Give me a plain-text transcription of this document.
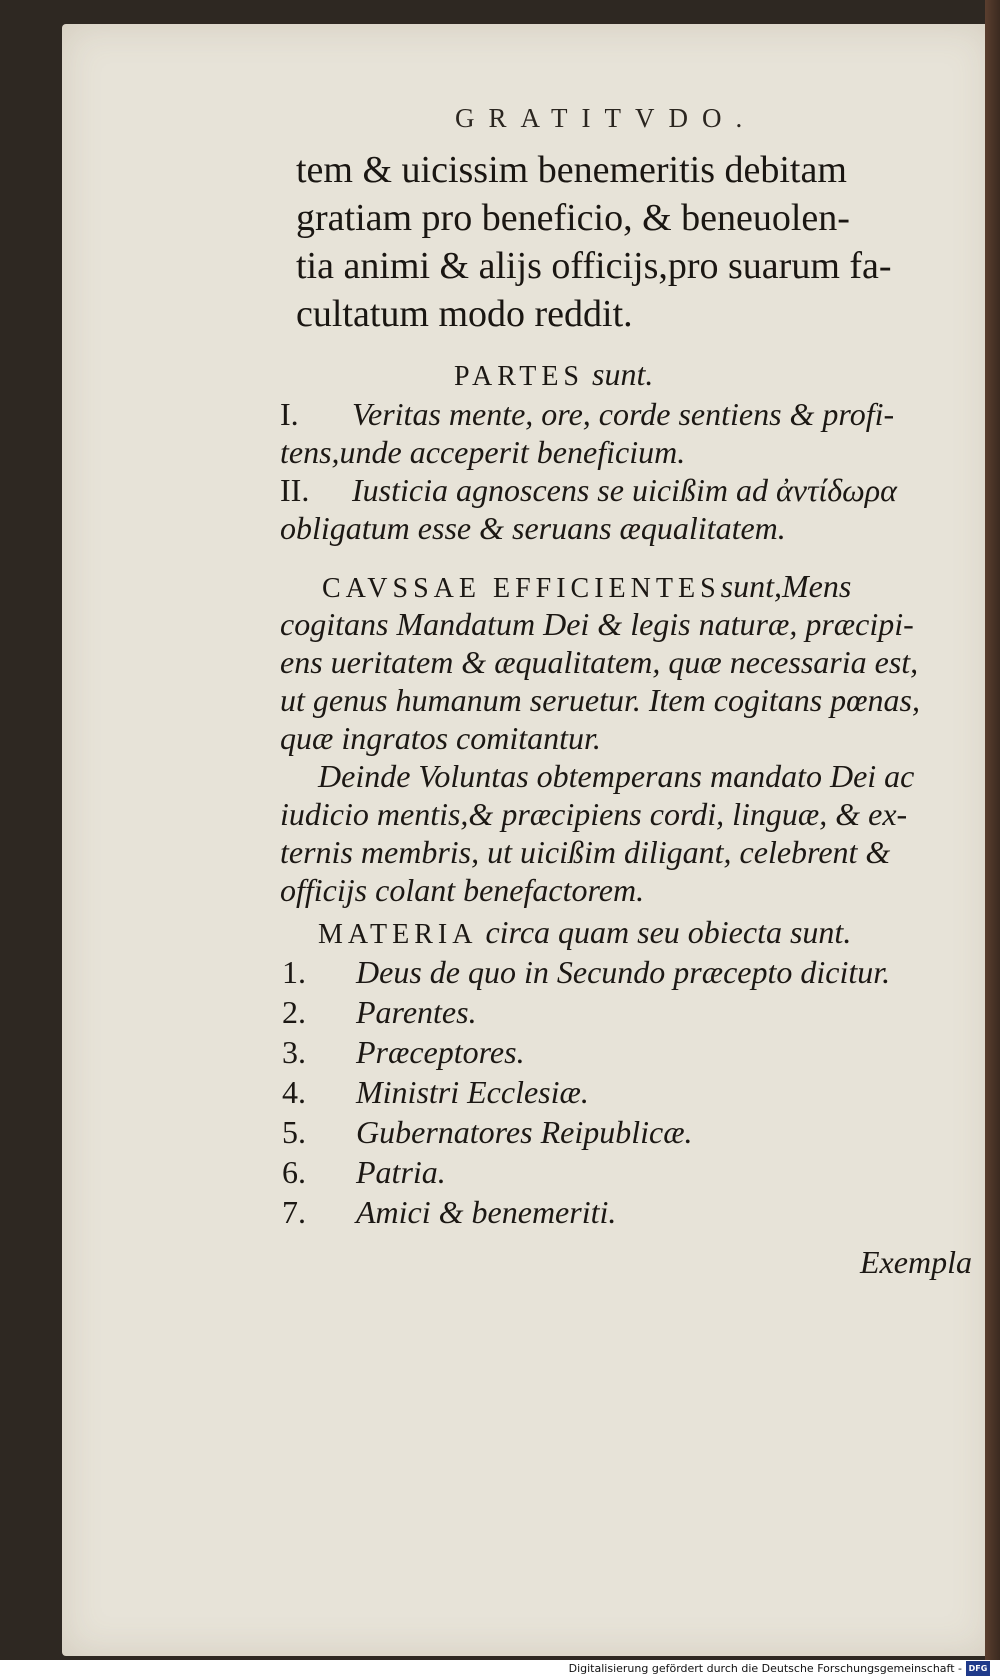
GRATITVDO.
tem & uicissim benemeritis debitam
gratiam pro beneficio, & beneuolen-
tia animi & alijs officijs,pro suarum fa-
cultatum modo reddit.
PARTES sunt.
I. Veritas mente, ore, corde sentiens & profi-
tens,unde acceperit beneficium.
II. Iusticia agnoscens se uicißim ad ἀντίδωρα
obligatum esse & seruans æqualitatem.
CAVSSAE EFFICIENTESsunt,Mens
cogitans Mandatum Dei & legis naturæ, præcipi-
ens ueritatem & æqualitatem, quæ necessaria est,
ut genus humanum seruetur. Item cogitans pœnas,
quæ ingratos comitantur.
Deinde Voluntas obtemperans mandato Dei ac
iudicio mentis,& præcipiens cordi, linguæ, & ex-
ternis membris, ut uicißim diligant, celebrent &
officijs colant benefactorem.
MATERIA circa quam seu obiecta sunt.
1. Deus de quo in Secundo præcepto dicitur.
2. Parentes.
3. Præceptores.
4. Ministri Ecclesiæ.
5. Gubernatores Reipublicæ.
6. Patria.
7. Amici & benemeriti.
Exempla
Digitalisierung gefördert durch die Deutsche Forschungsgemeinschaft - DFG
